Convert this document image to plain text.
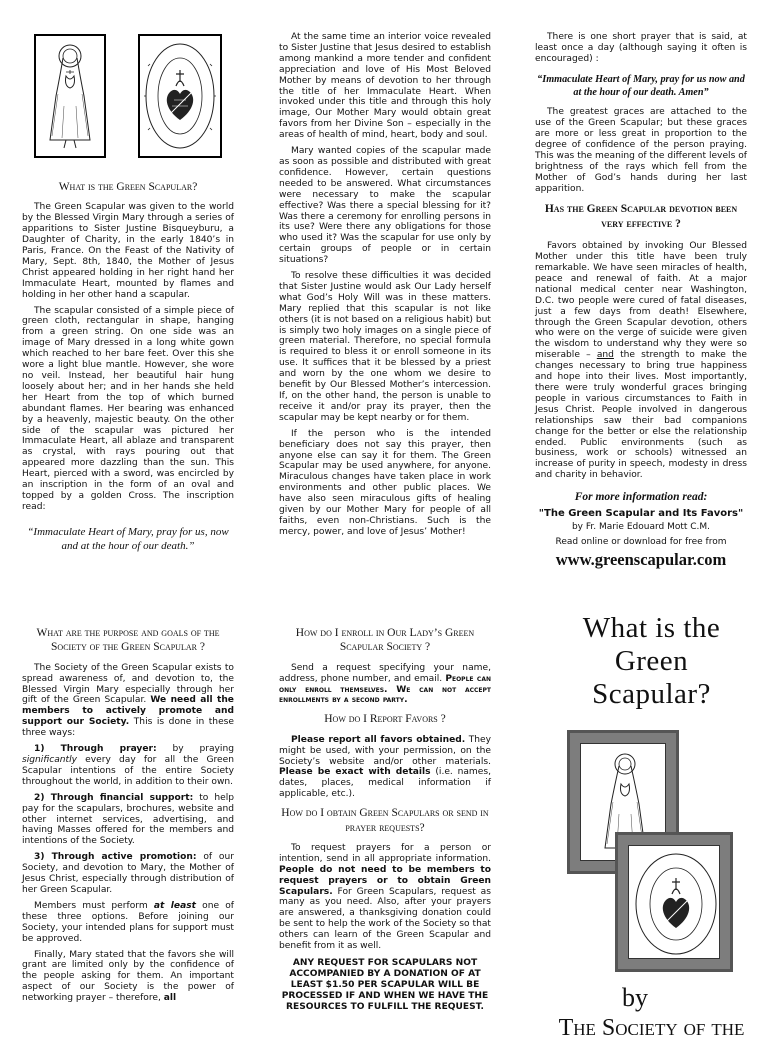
What is the Green Scapular?

The Green Scapular was given to the world by the Blessed Virgin Mary through a series of apparitions to Sister Justine Bisqueyburu, a Daughter of Charity, in the early 1840’s in Paris, France. On the Feast of the Nativity of Mary, Sept. 8th, 1840, the Mother of Jesus Christ appeared holding in her right hand her Immaculate Heart, mounted by flames and holding in her other hand a scapular.

The scapular consisted of a simple piece of green cloth, rectangular in shape, hanging from a green string. On one side was an image of Mary dressed in a long white gown which reached to her bare feet. Over this she wore a light blue mantle. However, she wore no veil. Instead, her beautiful hair hung loosely about her; and in her hands she held her Heart from the top of which burned abundant flames. Her bearing was enhanced by a heavenly, majestic beauty. On the other side of the scapular was pictured her Immaculate Heart, all ablaze and transparent as crystal, with rays pouring out that appeared more dazzling than the sun. This Heart, pierced with a sword, was encircled by an inscription in the form of an oval and topped by a golden Cross. The inscription read:

“Immaculate Heart of Mary, pray for us, now and at the hour of our death.”

At the same time an interior voice revealed to Sister Justine that Jesus desired to establish among mankind a more tender and confident appreciation and love of His Most Beloved Mother by means of devotion to her through the title of her Immaculate Heart. When invoked under this title and through this holy image, Our Mother Mary would obtain great favors from her Divine Son – especially in the areas of health of mind, heart, body and soul.

Mary wanted copies of the scapular made as soon as possible and distributed with great confidence. However, certain questions needed to be answered. What circumstances were necessary to make the scapular effective? Was there a special blessing for it? Was there a ceremony for enrolling persons in its use? Were there any obligations for those who used it? Was the scapular for use only by certain groups of people or in certain situations?

To resolve these difficulties it was decided that Sister Justine would ask Our Lady herself what God’s Holy Will was in these matters. Mary replied that this scapular is not like others (it is not based on a religious habit) but is simply two holy images on a single piece of green material. Therefore, no special formula is required to bless it or enroll someone in its use. It suffices that it be blessed by a priest and worn by the one whom we desire to benefit by Our Blessed Mother’s intercession. If, on the other hand, the person is unable to receive it and/or pray its prayer, then the scapular may be kept nearby or for them.

If the person who is the intended beneficiary does not say this prayer, then anyone else can say it for them. The Green Scapular may be used anywhere, for anyone. Miraculous changes have taken place in work environments and other public places. We have also seen miraculous gifts of healing given by our Mother Mary for people of all faiths, even non-Christians. Such is the mercy, power, and love of Jesus’ Mother!

There is one short prayer that is said, at least once a day (although saying it often is encouraged) :

“Immaculate Heart of Mary, pray for us now and at the hour of our death. Amen”

The greatest graces are attached to the use of the Green Scapular; but these graces are more or less great in proportion to the degree of confidence of the person praying. This was the meaning of the different levels of brightness of the rays which fell from the Mother of God’s hands during her last apparition.

Has the Green Scapular devotion been very effective ?

Favors obtained by invoking Our Blessed Mother under this title have been truly remarkable. We have seen miracles of health, peace and renewal of faith. At a major national medical center near Washington, D.C. two people were cured of fatal diseases, just a few days from death! Elsewhere, through the Green Scapular devotion, others who were on the verge of suicide were given the wisdom to understand why they were so miserable – and the strength to make the changes necessary to bring true happiness and hope into their lives. Most importantly, there were truly wonderful graces bringing people in various circumstances to Faith in Jesus Christ. People involved in dangerous relationships saw their bad companions change for the better or else the relationship ended. Public environments (such as business, work or schools) witnessed an increase of purity in speech, modesty in dress and charity in behavior.

For more information read:
"The Green Scapular and Its Favors"
by Fr. Marie Edouard Mott C.M.
Read online or download for free from
www.greenscapular.com
What are the purpose and goals of the Society of the Green Scapular ?

The Society of the Green Scapular exists to spread awareness of, and devotion to, the Blessed Virgin Mary especially through her gift of the Green Scapular. We need all the members to actively promote and support our Society. This is done in these three ways:

1) Through prayer: by praying significantly every day for all the Green Scapular intentions of the entire Society throughout the world, in addition to their own.

2) Through financial support: to help pay for the scapulars, brochures, website and other internet services, advertising, and having Masses offered for the members and intentions of the Society.

3) Through active promotion: of our Society, and devotion to Mary, the Mother of Jesus Christ, especially through distribution of her Green Scapular.

Members must perform at least one of these three options. Before joining our Society, your intended plans for support must be approved.

Finally, Mary stated that the favors she will grant are limited only by the confidence of the people asking for them. An important aspect of our Society is the power of networking prayer – therefore, all

How do I enroll in Our Lady’s Green Scapular Society ?

Send a request specifying your name, address, phone number, and email. People can only enroll themselves. We can not accept enrollments by a second party.

How do I Report Favors ?

Please report all favors obtained. They might be used, with your permission, on the Society’s website and/or other materials. Please be exact with details (i.e. names, dates, places, medical information if applicable, etc.).

How do I obtain Green Scapulars or send in prayer requests?

To request prayers for a person or intention, send in all appropriate information. People do not need to be members to request prayers or to obtain Green Scapulars. For Green Scapulars, request as many as you need. Also, after your prayers are answered, a thanksgiving donation could be sent to help the work of the Society so that others can learn of the Green Scapular and benefit from it as well.

ANY REQUEST FOR SCAPULARS NOT ACCOMPANIED BY A DONATION OF AT LEAST $1.50 PER SCAPULAR WILL BE PROCESSED IF AND WHEN WE HAVE THE RESOURCES TO FULFILL THE REQUEST.

What is the
Green
Scapular?
by
The Society of the
